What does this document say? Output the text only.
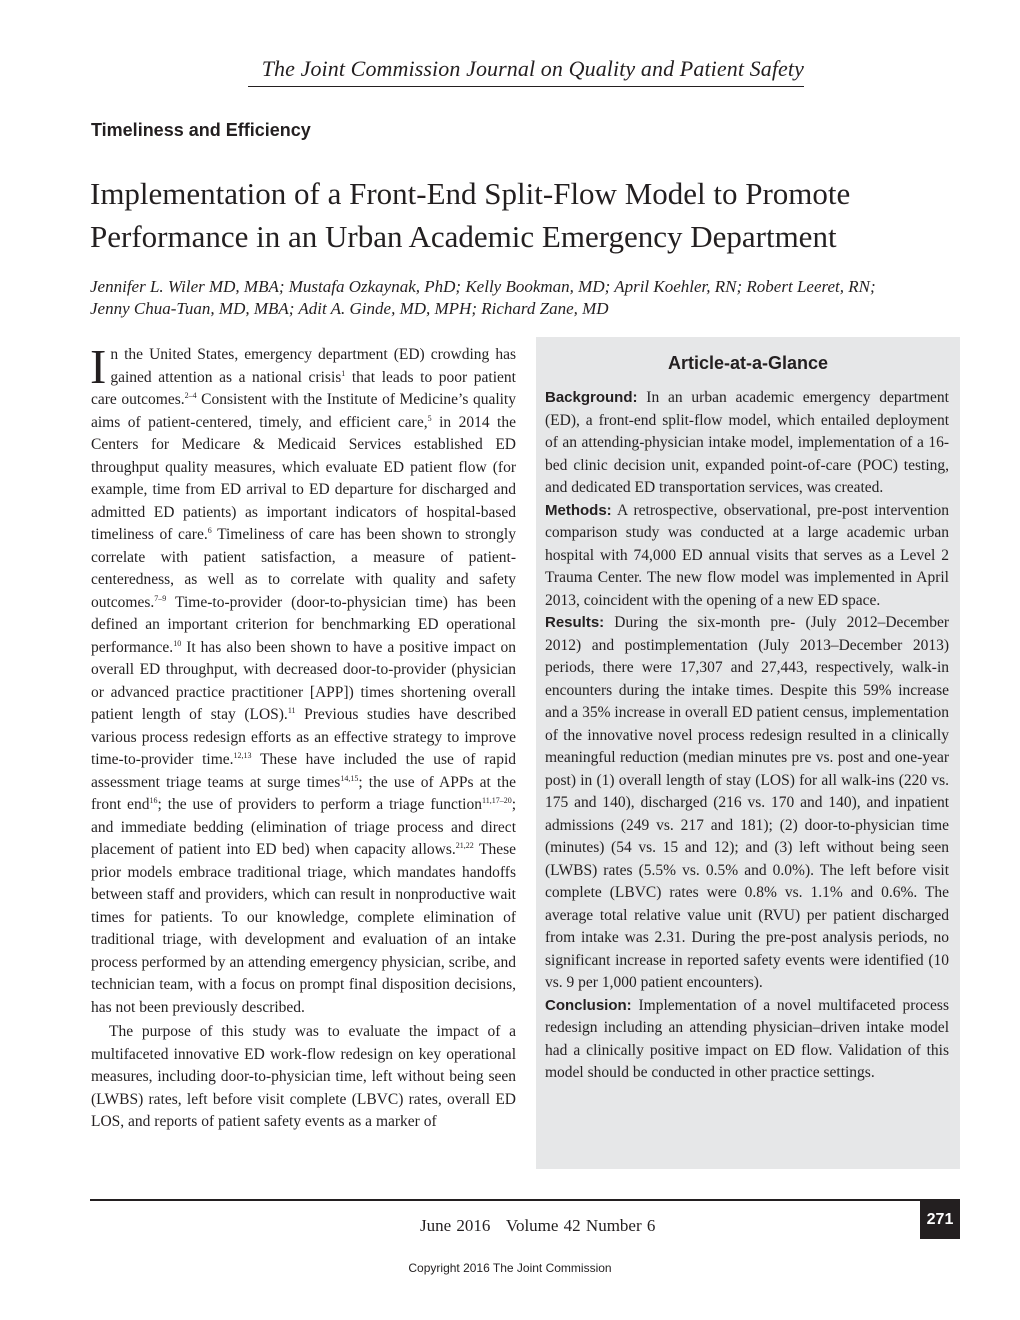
The Joint Commission Journal on Quality and Patient Safety
Timeliness and Efficiency
Implementation of a Front-End Split-Flow Model to Promote
Performance in an Urban Academic Emergency Department
Jennifer L. Wiler MD, MBA; Mustafa Ozkaynak, PhD; Kelly Bookman, MD; April Koehler, RN; Robert Leeret, RN;
Jenny Chua-Tuan, MD, MBA; Adit A. Ginde, MD, MPH; Richard Zane, MD

In the United States, emergency department (ED) crowding has gained attention as a national crisis$^1$ that leads to poor patient care outcomes.$^{2-4}$ Consistent with the Institute of Medicine’s quality aims of patient-centered, timely, and efficient care,$^5$ in 2014 the Centers for Medicare & Medicaid Services established ED throughput quality measures, which evaluate ED patient flow (for example, time from ED arrival to ED departure for discharged and admitted ED patients) as important indicators of hospital-based timeliness of care.$^6$ Timeliness of care has been shown to strongly correlate with patient satisfaction, a measure of patient-centeredness, as well as to correlate with quality and safety outcomes.$^{7-9}$ Time-to-provider (door-to-physician time) has been defined an important criterion for benchmarking ED operational performance.$^{10}$ It has also been shown to have a positive impact on overall ED throughput, with decreased door-to-provider (physician or advanced practice practitioner [APP]) times shortening overall patient length of stay (LOS).$^{11}$ Previous studies have described various process redesign efforts as an effective strategy to improve time-to-provider time.$^{12,13}$ These have included the use of rapid assessment triage teams at surge times$^{14,15}$; the use of APPs at the front end$^{16}$; the use of providers to perform a triage function$^{11,17-20}$; and immediate bedding (elimination of triage process and direct placement of patient into ED bed) when capacity allows.$^{21,22}$ These prior models embrace traditional triage, which mandates handoffs between staff and providers, which can result in nonproductive wait times for patients. To our knowledge, complete elimination of traditional triage, with development and evaluation of an intake process performed by an attending emergency physician, scribe, and technician team, with a focus on prompt final disposition decisions, has not been previously described.

The purpose of this study was to evaluate the impact of a multifaceted innovative ED work-flow redesign on key operational measures, including door-to-physician time, left without being seen (LWBS) rates, left before visit complete (LBVC) rates, overall ED LOS, and reports of patient safety events as a marker of

Article-at-a-Glance

Background: In an urban academic emergency department (ED), a front-end split-flow model, which entailed deployment of an attending-physician intake model, implementation of a 16-bed clinic decision unit, expanded point-of-care (POC) testing, and dedicated ED transportation services, was created.

Methods: A retrospective, observational, pre-post intervention comparison study was conducted at a large academic urban hospital with 74,000 ED annual visits that serves as a Level 2 Trauma Center. The new flow model was implemented in April 2013, coincident with the opening of a new ED space.

Results: During the six-month pre- (July 2012–December 2012) and postimplementation (July 2013–December 2013) periods, there were 17,307 and 27,443, respectively, walk-in encounters during the intake times. Despite this 59% increase and a 35% increase in overall ED patient census, implementation of the innovative novel process redesign resulted in a clinically meaningful reduction (median minutes pre vs. post and one-year post) in (1) overall length of stay (LOS) for all walk-ins (220 vs. 175 and 140), discharged (216 vs. 170 and 140), and inpatient admissions (249 vs. 217 and 181); (2) door-to-physician time (minutes) (54 vs. 15 and 12); and (3) left without being seen (LWBS) rates (5.5% vs. 0.5% and 0.0%). The left before visit complete (LBVC) rates were 0.8% vs. 1.1% and 0.6%. The average total relative value unit (RVU) per patient discharged from intake was 2.31. During the pre-post analysis periods, no significant increase in reported safety events were identified (10 vs. 9 per 1,000 patient encounters).

Conclusion: Implementation of a novel multifaceted process redesign including an attending physician–driven intake model had a clinically positive impact on ED flow. Validation of this model should be conducted in other practice settings.

June 2016   Volume 42 Number 6	271
Copyright 2016 The Joint Commission
